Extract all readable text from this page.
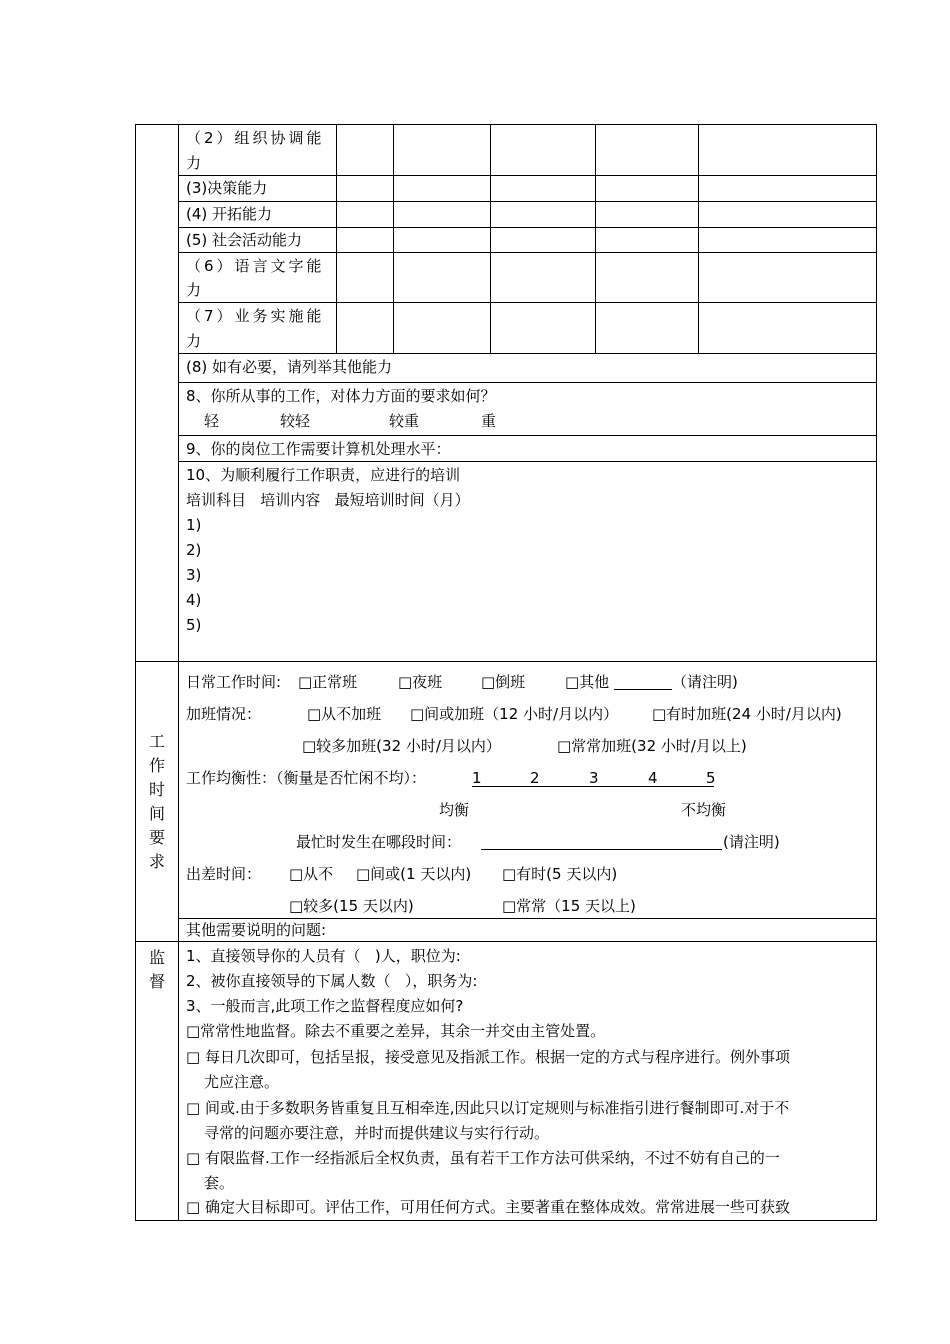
（2）组织协调能
力
(3)决策能力
(4) 开拓能力
(5) 社会活动能力
（6）语言文字能
力
（7）业务实施能
力
(8) 如有必要，请列举其他能力
8、你所从事的工作，对体力方面的要求如何？
轻	较轻	较重	重
9、你的岗位工作需要计算机处理水平：
10、为顺利履行工作职责，应进行的培训
培训科目   培训内容   最短培训时间（月）
1)
2)
3)
4)
5)
工
作
时
间
要
求
日常工作时间: □正常班	□夜班	□倒班	□其他	（请注明)
加班情况：	□从不加班 □间或加班（12 小时/月以内） □有时加班(24 小时/月以内)
□较多加班(32 小时/月以内）	□常常加班(32 小时/月以上)
工作均衡性：（衡量是否忙闲不均）：	1	2	3	4	5
均衡	不均衡
最忙时发生在哪段时间：	(请注明)
出差时间： □从不 □间或(1 天以内) □有时(5 天以内)
□较多(15 天以内)	□常常（15 天以上)
其他需要说明的问题:
监
督
1、直接领导你的人员有（   )人，职位为:
2、被你直接领导的下属人数（   ），职务为:
3、一般而言,此项工作之监督程度应如何?
□常常性地监督。除去不重要之差异，其余一并交由主管处置。
□ 每日几次即可，包括呈报，接受意见及指派工作。根据一定的方式与程序进行。例外事项
尤应注意。
□ 间或.由于多数职务皆重复且互相牵连,因此只以订定规则与标准指引进行餐制即可.对于不
寻常的问题亦要注意，并时而提供建议与实行行动。
□ 有限监督.工作一经指派后全权负责，虽有若干工作方法可供采纳，不过不妨有自己的一
套。
□ 确定大目标即可。评估工作，可用任何方式。主要著重在整体成效。常常进展一些可获致
